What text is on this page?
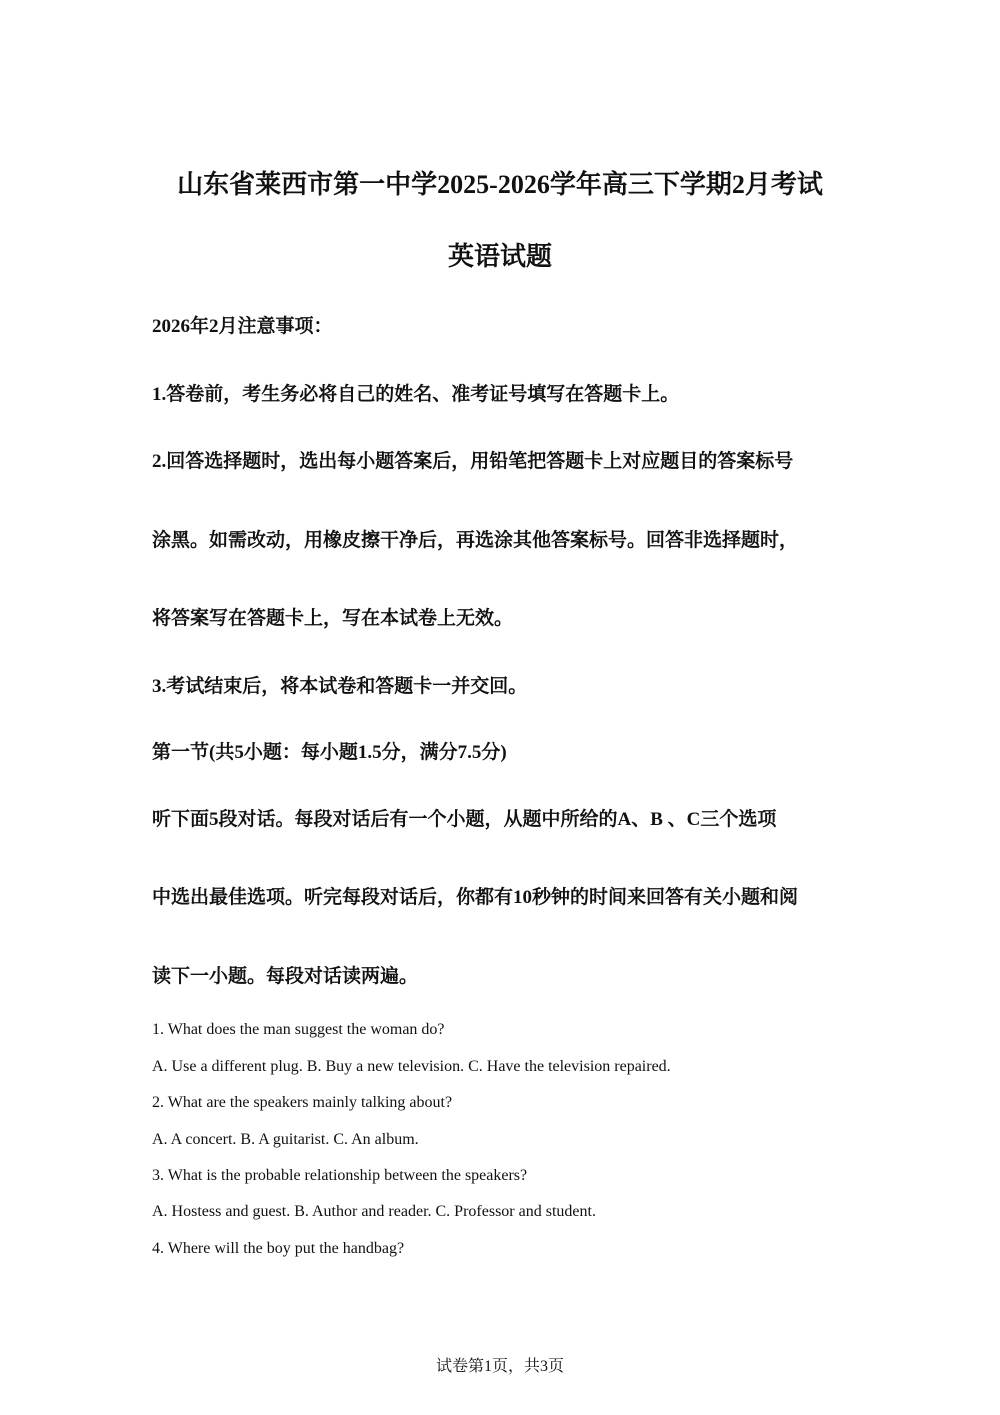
山东省莱西市第一中学2025-2026学年高三下学期2月考试
英语试题
2026年2月注意事项：
1.答卷前，考生务必将自己的姓名、准考证号填写在答题卡上。
2.回答选择题时，选出每小题答案后，用铅笔把答题卡上对应题目的答案标号
涂黑。如需改动，用橡皮擦干净后，再选涂其他答案标号。回答非选择题时，
将答案写在答题卡上，写在本试卷上无效。
3.考试结束后，将本试卷和答题卡一并交回。
第一节(共5小题：每小题1.5分，满分7.5分)
听下面5段对话。每段对话后有一个小题，从题中所给的A、B 、C三个选项
中选出最佳选项。听完每段对话后，你都有10秒钟的时间来回答有关小题和阅
读下一小题。每段对话读两遍。
1. What does the man suggest the woman do?
A. Use a different plug. B. Buy a new television. C. Have the television repaired.
2. What are the speakers mainly talking about?
A. A concert. B. A guitarist. C. An album.
3. What is the probable relationship between the speakers?
A. Hostess and guest. B. Author and reader. C. Professor and student.
4. Where will the boy put the handbag?
试卷第1页，共3页
